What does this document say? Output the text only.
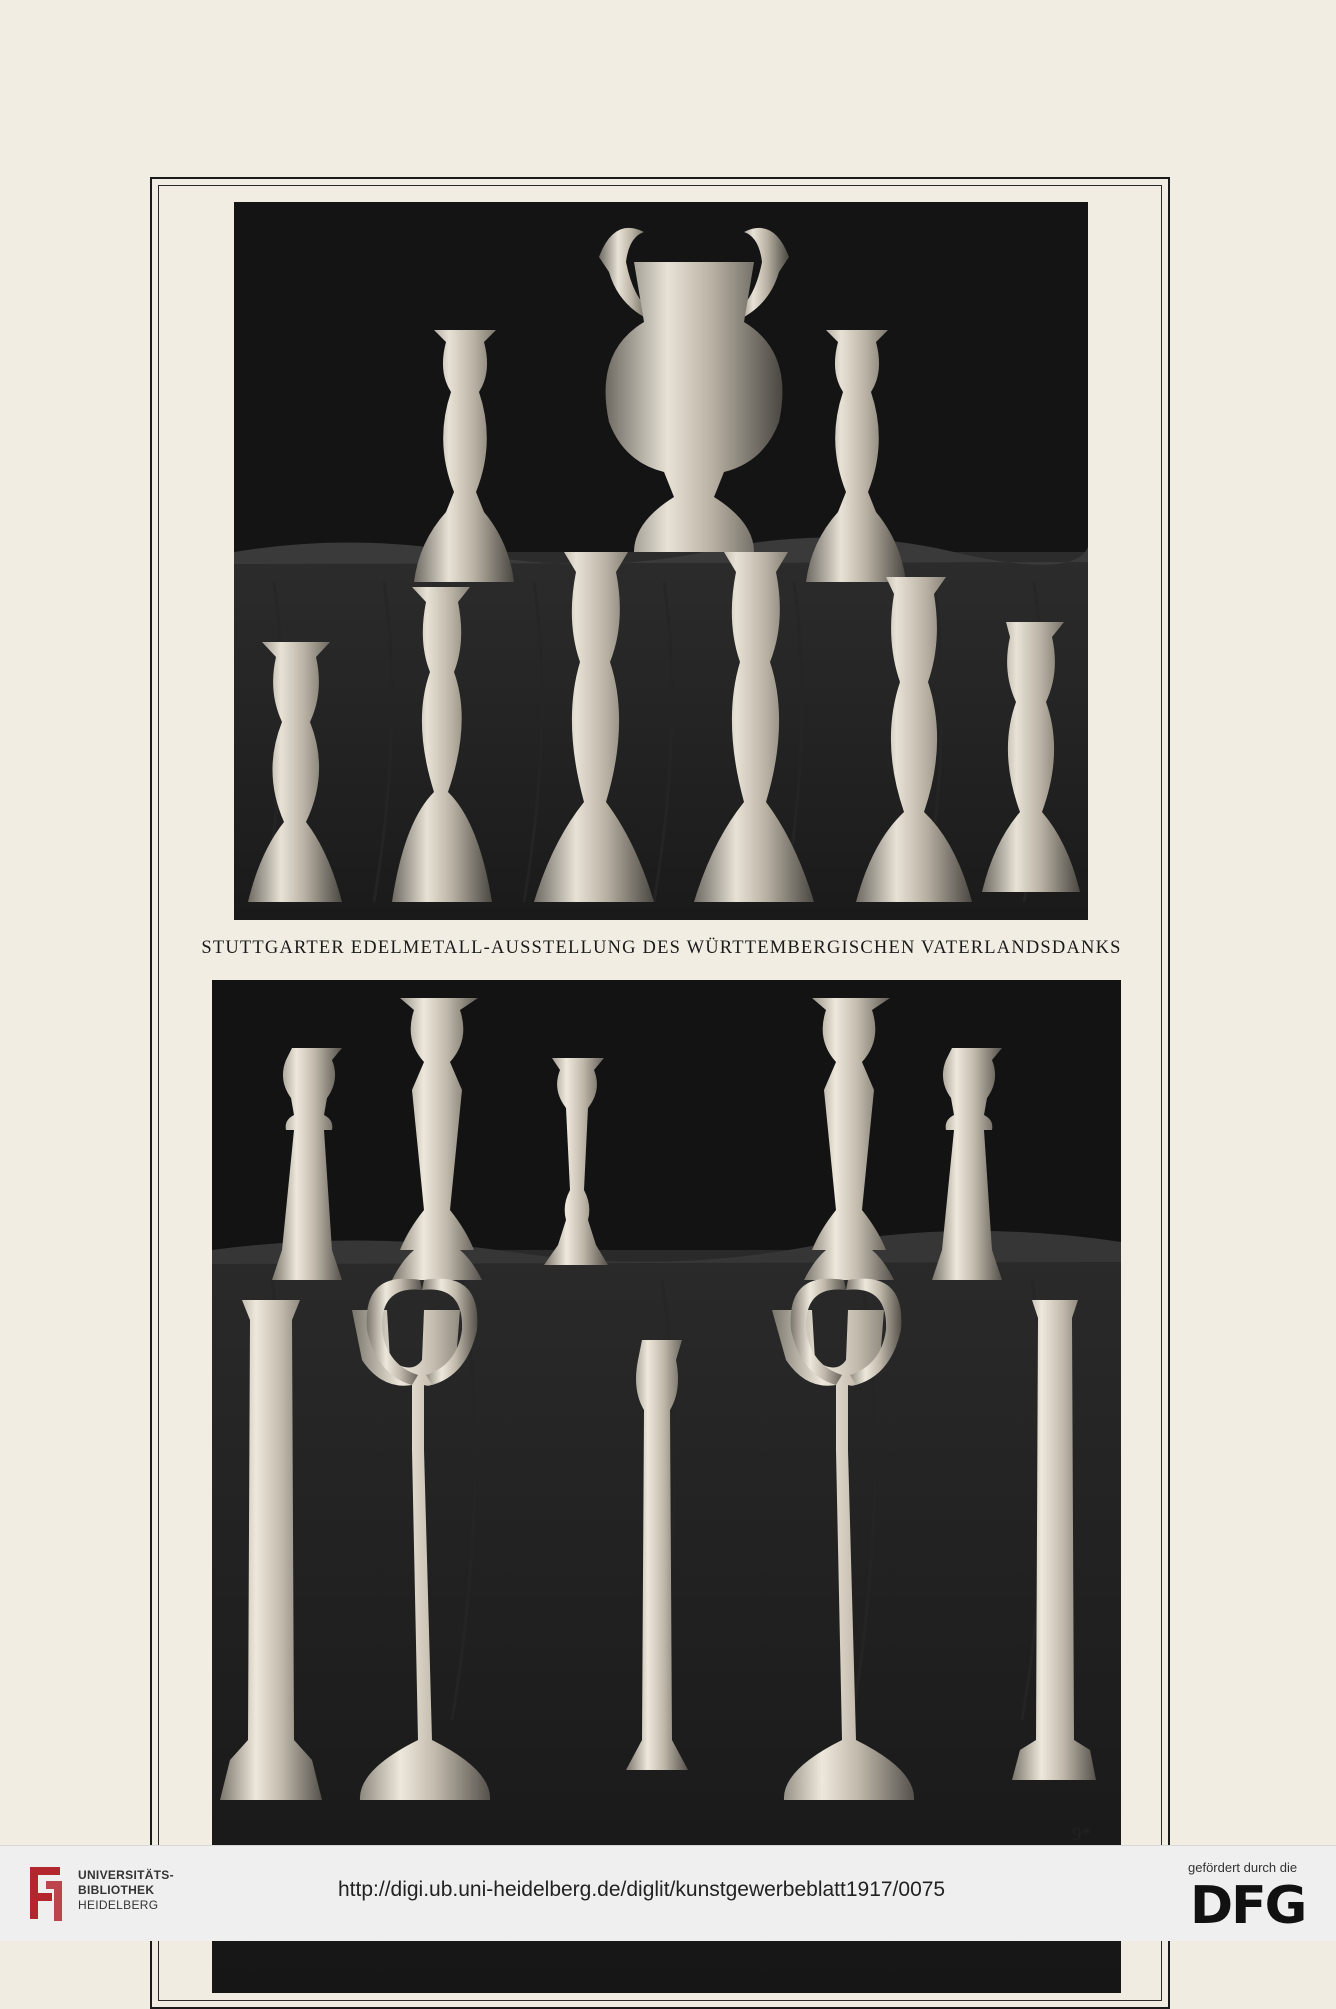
STUTTGARTER EDELMETALL-AUSSTELLUNG DES WÜRTTEMBERGISCHEN VATERLANDSDANKS
9*
UNIVERSITÄTS-
BIBLIOTHEK
HEIDELBERG
http://digi.ub.uni-heidelberg.de/diglit/kunstgewerbeblatt1917/0075
gefördert durch die
DFG
